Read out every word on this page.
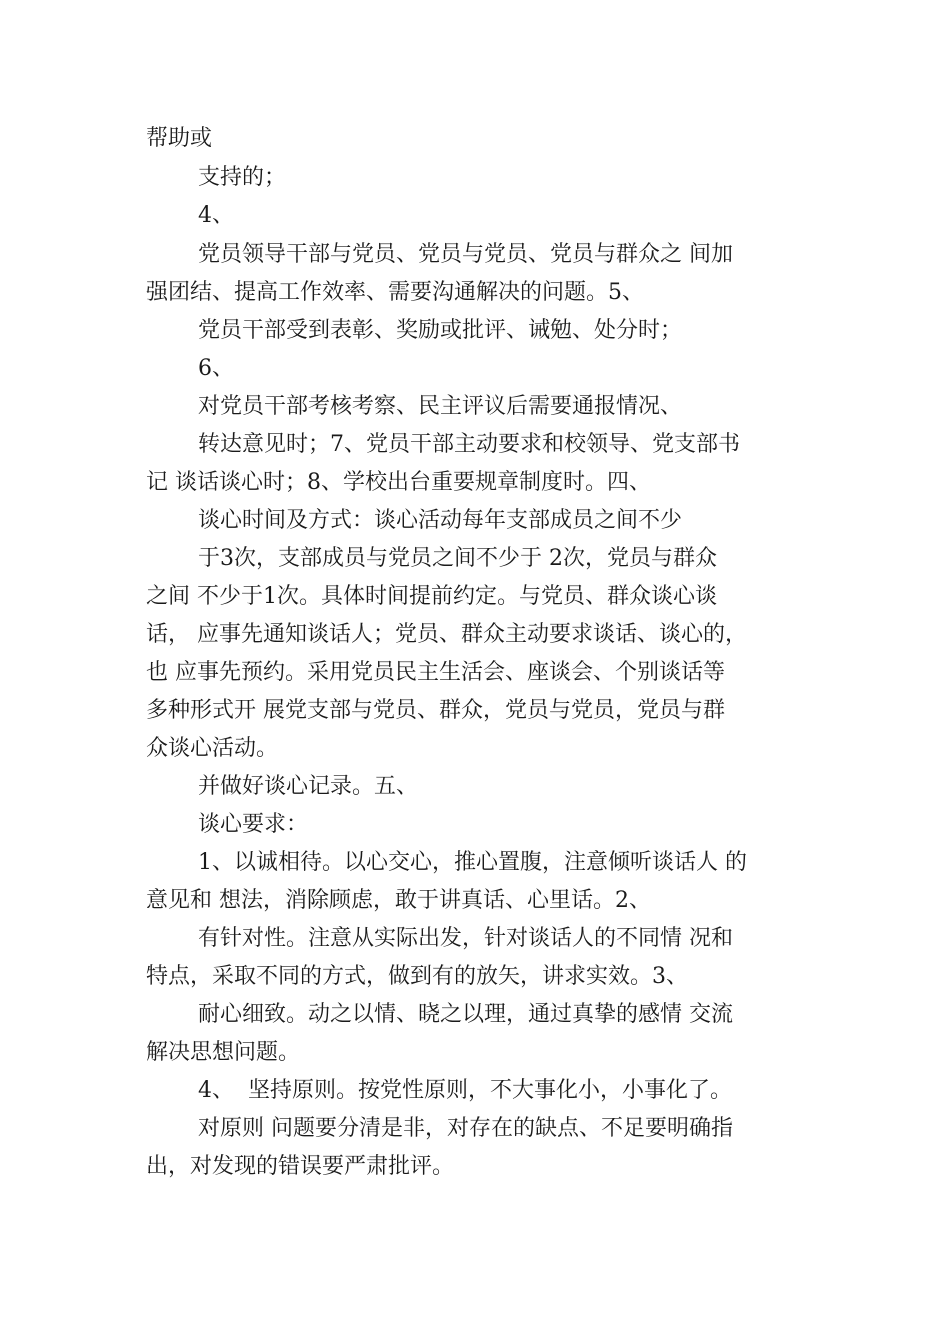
帮助或
支持的；
4、
党员领导干部与党员、党员与党员、党员与群众之 间加
强团结、提高工作效率、需要沟通解决的问题。5、
党员干部受到表彰、奖励或批评、诫勉、处分时；
6、
对党员干部考核考察、民主评议后需要通报情况、
转达意见时；7、党员干部主动要求和校领导、党支部书
记 谈话谈心时；8、学校出台重要规章制度时。四、
谈心时间及方式：谈心活动每年支部成员之间不少
于3次，支部成员与党员之间不少于 2次，党员与群众
之间 不少于1次。具体时间提前约定。与党员、群众谈心谈
话， 应事先通知谈话人；党员、群众主动要求谈话、谈心的，
也 应事先预约。采用党员民主生活会、座谈会、个别谈话等
多种形式开 展党支部与党员、群众，党员与党员，党员与群
众谈心活动。
并做好谈心记录。五、
谈心要求：
1、以诚相待。以心交心，推心置腹，注意倾听谈话人 的
意见和 想法，消除顾虑，敢于讲真话、心里话。2、
有针对性。注意从实际出发，针对谈话人的不同情 况和
特点，采取不同的方式，做到有的放矢，讲求实效。3、
耐心细致。动之以情、晓之以理，通过真挚的感情 交流
解决思想问题。
4、  坚持原则。按党性原则，不大事化小，小事化了。
对原则 问题要分清是非，对存在的缺点、不足要明确指
出，对发现的错误要严肃批评。
